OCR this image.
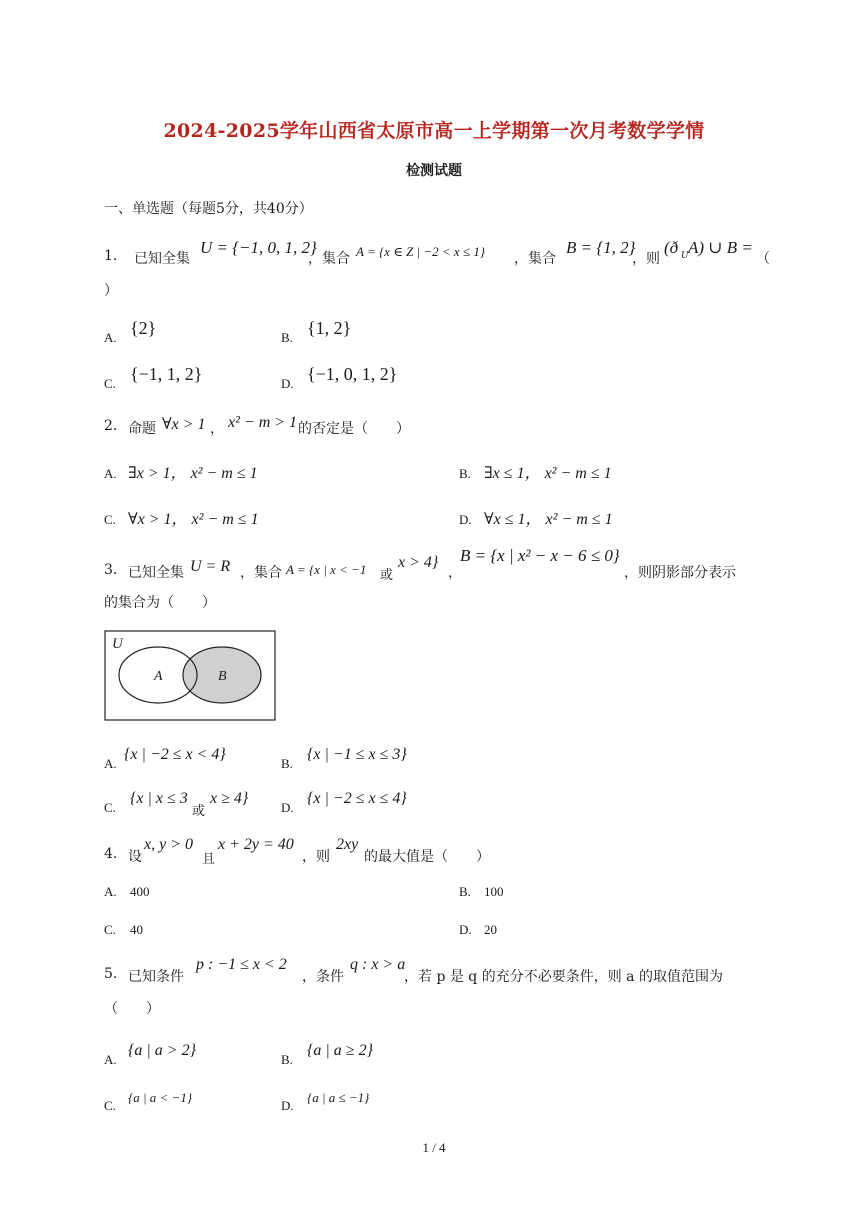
2024-2025学年山西省太原市高一上学期第一次月考数学学情
检测试题
一、单选题（每题5分，共40分）
1. 已知全集
U = {−1, 0, 1, 2}
，集合 A = {x ∈ Z | −2 < x ≤ 1} ，集合
B = {1, 2}
，则
(ð U A) ∪ B =
（
）
A. {2}	B. {1, 2}
C. {−1, 1, 2}	D. {−1, 0, 1, 2}
2. 命题 ∀x > 1 ， x² − m > 1 的否定是（　　）
A. ∃x > 1， x² − m ≤ 1	B. ∃x ≤ 1， x² − m ≤ 1
C. ∀x > 1， x² − m ≤ 1	D. ∀x ≤ 1， x² − m ≤ 1
3. 已知全集 U = R ，集合 A = {x | x < −1 或
x > 4}
，
B = {x | x² − x − 6 ≤ 0}
，则阴影部分表示
的集合为（　　）
U
A	B
A.
{x | −2 ≤ x < 4}
B.
{x | −1 ≤ x ≤ 3}
C.
{x | x ≤ 3
或
x ≥ 4}
D.
{x | −2 ≤ x ≤ 4}
4. 设
x, y > 0
且
x + 2y = 40
，则
2xy
的最大值是（　　）
A. 400	B. 100
C. 40	D. 20
5. 已知条件
p : −1 ≤ x < 2
，条件
q : x > a
，若 p 是 q 的充分不必要条件，则 a 的取值范围为
（　　）
A.
{a | a > 2}
B.
{a | a ≥ 2}
C.
{a | a < −1}
D.
{a | a ≤ −1}
1 / 4
